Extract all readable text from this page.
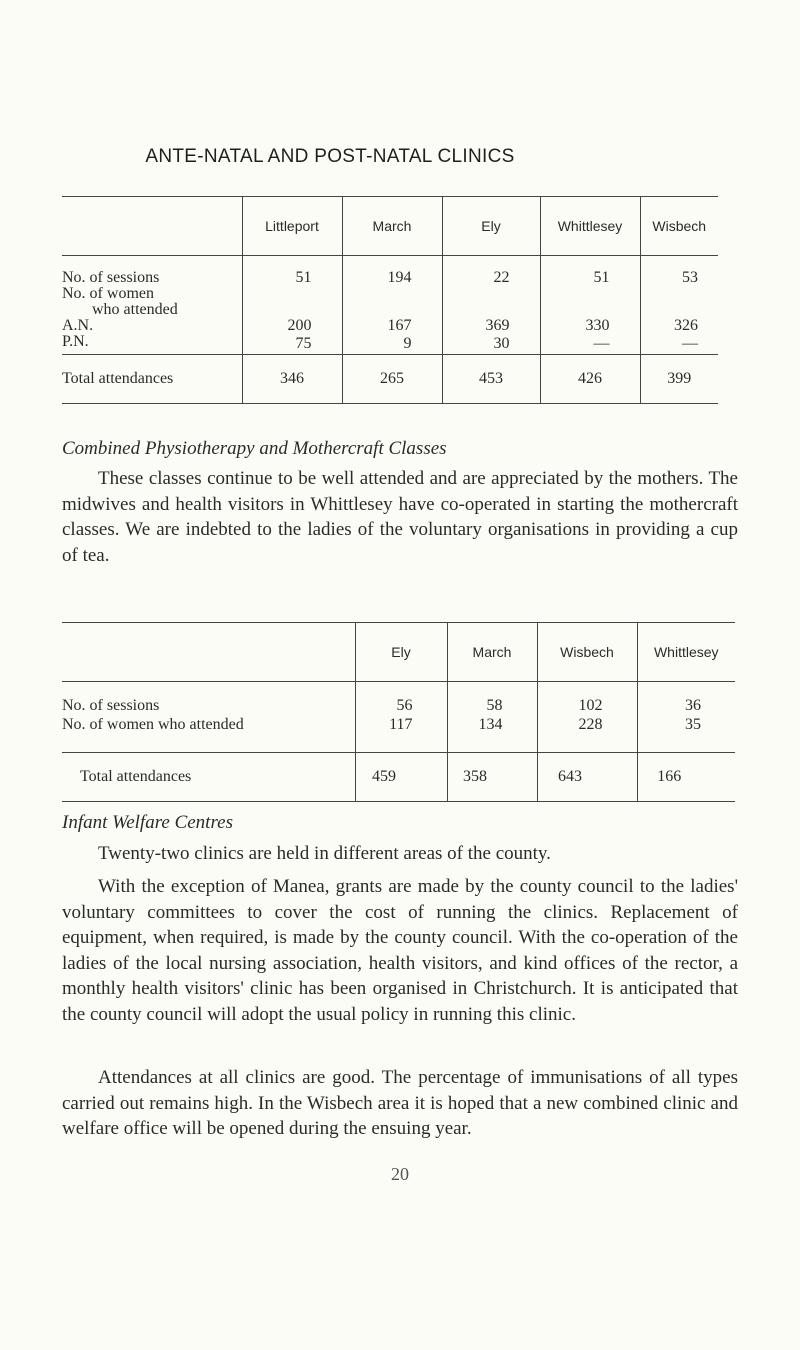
ANTE-NATAL AND POST-NATAL CLINICS
	Littleport	March	Ely	Whittlesey	Wisbech
No. of sessions	51	194	22	51	53
No. of women					
who attended					
A.N.	200	167	369	330	326
P.N.	75	9	30	—	—
Total attendances	346	265	453	426	399
Combined Physiotherapy and Mothercraft Classes

These classes continue to be well attended and are appreciated by the mothers. The midwives and health visitors in Whittlesey have co-operated in starting the mothercraft classes. We are indebted to the ladies of the voluntary organisations in providing a cup of tea.

	Ely	March	Wisbech	Whittlesey
No. of sessions	56	58	102	36
No. of women who attended	117	134	228	35
Total attendances	459	358	643	166
Infant Welfare Centres

Twenty-two clinics are held in different areas of the county.

With the exception of Manea, grants are made by the county council to the ladies' voluntary committees to cover the cost of running the clinics. Replacement of equipment, when required, is made by the county council. With the co-operation of the ladies of the local nursing association, health visitors, and kind offices of the rector, a monthly health visitors' clinic has been organised in Christchurch. It is anticipated that the county council will adopt the usual policy in running this clinic.

Attendances at all clinics are good. The percentage of immunisations of all types carried out remains high. In the Wisbech area it is hoped that a new combined clinic and welfare office will be opened during the ensuing year.

20
